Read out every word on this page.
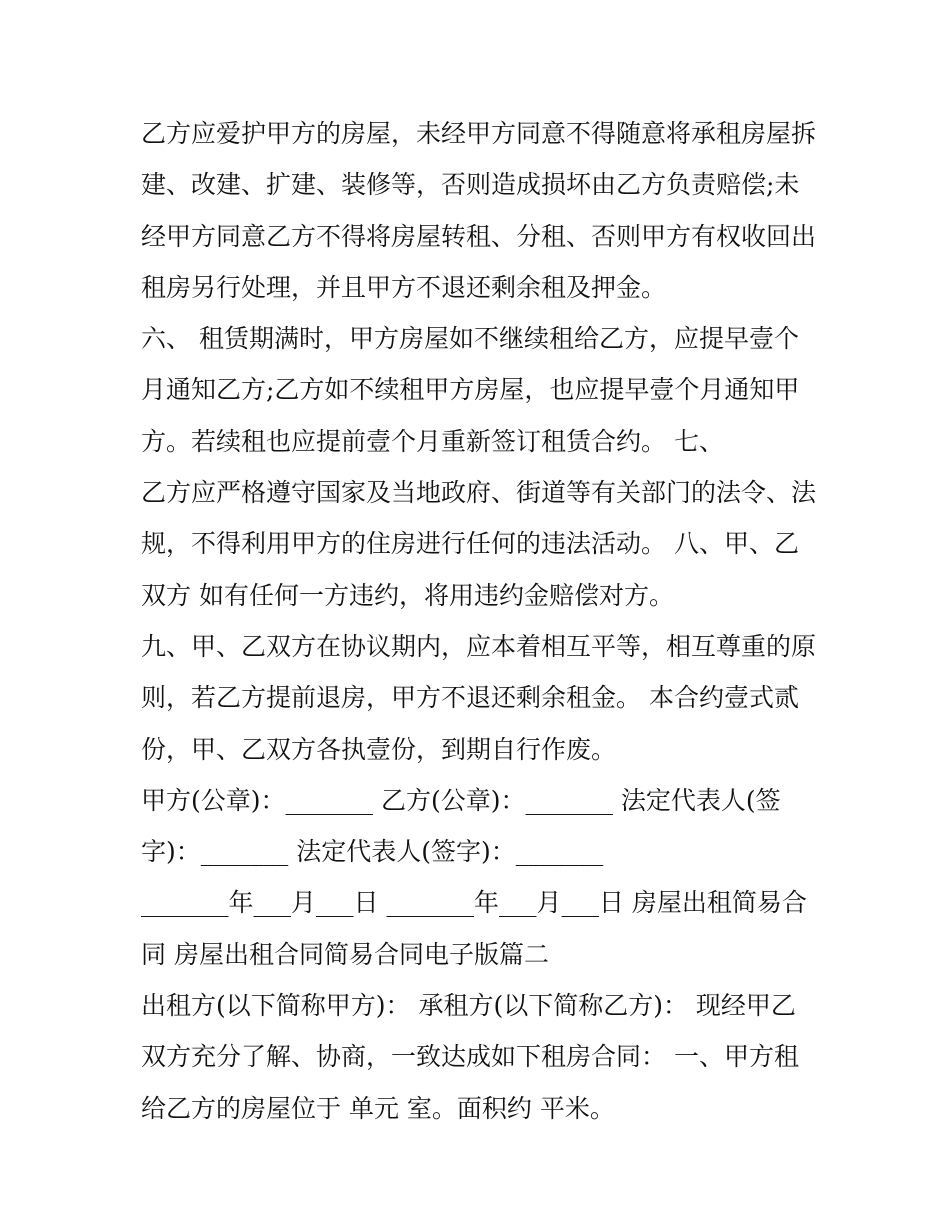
乙方应爱护甲方的房屋，未经甲方同意不得随意将承租房屋拆
建、改建、扩建、装修等，否则造成损坏由乙方负责赔偿;未
经甲方同意乙方不得将房屋转租、分租、否则甲方有权收回出
租房另行处理，并且甲方不退还剩余租及押金。
六、 租赁期满时，甲方房屋如不继续租给乙方，应提早壹个
月通知乙方;乙方如不续租甲方房屋，也应提早壹个月通知甲
方。若续租也应提前壹个月重新签订租赁合约。 七、
乙方应严格遵守国家及当地政府、街道等有关部门的法令、法
规，不得利用甲方的住房进行任何的违法活动。 八、甲、乙
双方 如有任何一方违约，将用违约金赔偿对方。
九、甲、乙双方在协议期内，应本着相互平等，相互尊重的原
则，若乙方提前退房，甲方不退还剩余租金。 本合约壹式贰
份，甲、乙双方各执壹份，到期自行作废。
甲方(公章)：_______ 乙方(公章)：_______ 法定代表人(签
字)：_______ 法定代表人(签字)：_______
_______年___月___日 _______年___月___日 房屋出租简易合
同 房屋出租合同简易合同电子版篇二
出租方(以下简称甲方)： 承租方(以下简称乙方)： 现经甲乙
双方充分了解、协商，一致达成如下租房合同： 一、甲方租
给乙方的房屋位于 单元 室。面积约 平米。
